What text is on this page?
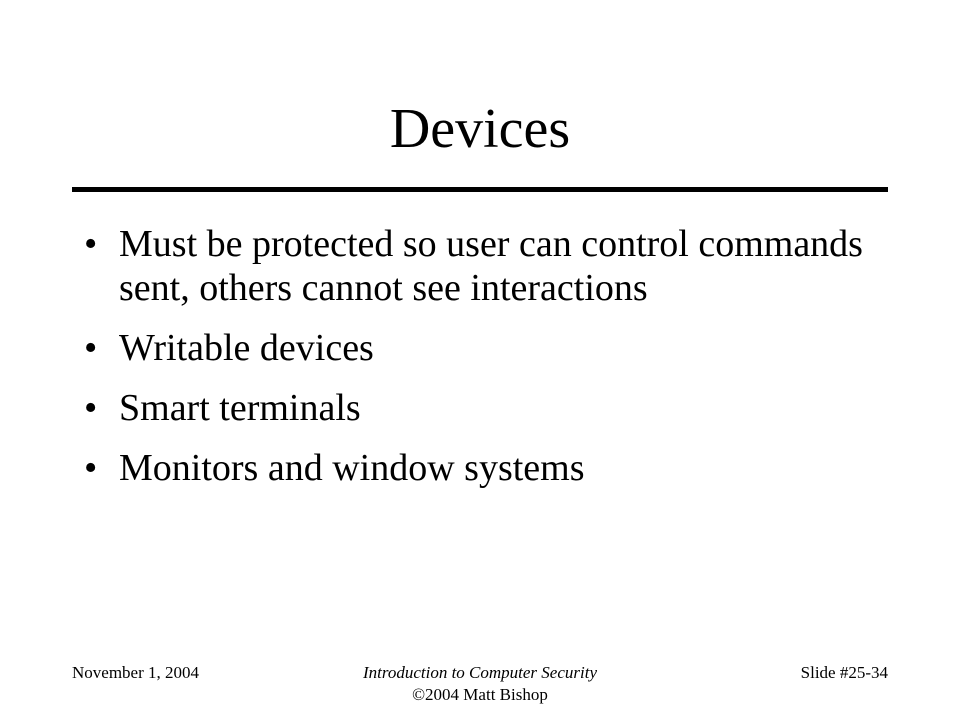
Devices
• Must be protected so user can control commands sent, others cannot see interactions
• Writable devices
• Smart terminals
• Monitors and window systems
November 1, 2004	Introduction to Computer Security
©2004 Matt Bishop
Slide #25-34
